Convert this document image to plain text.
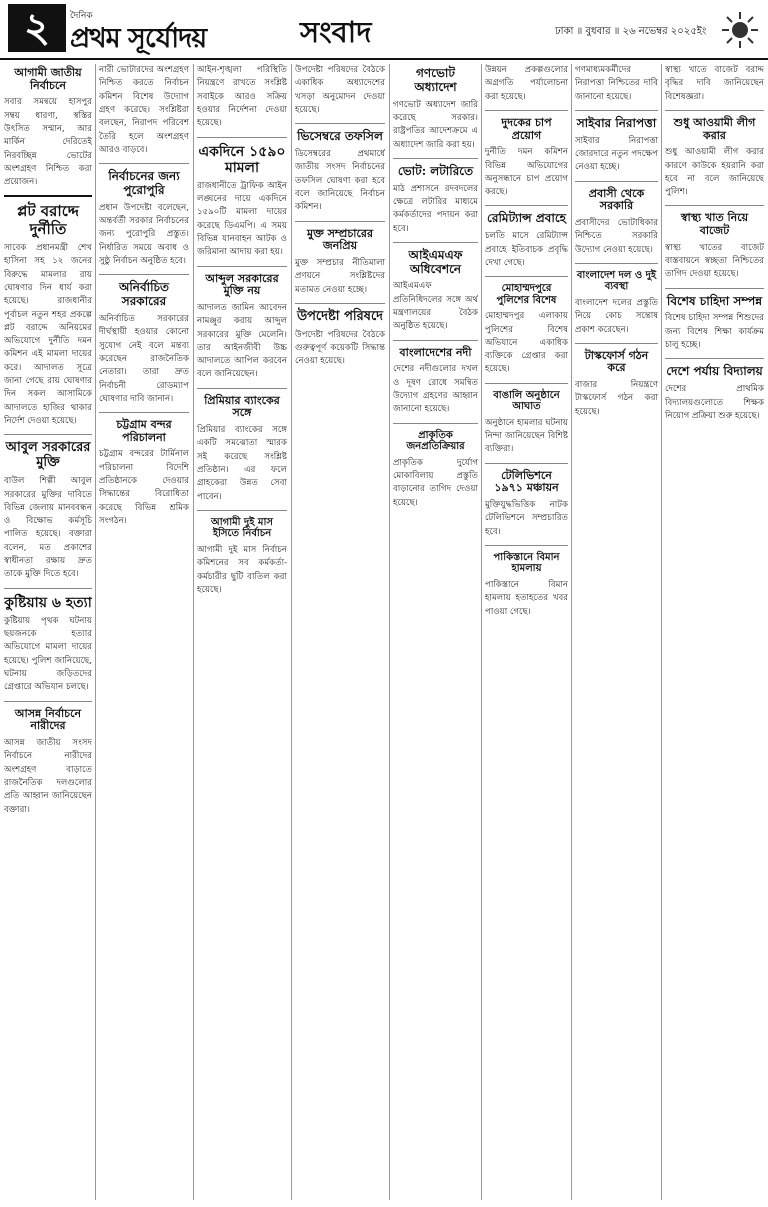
২	দৈনিক
প্রথম সূর্যোদয়	সংবাদ	ঢাকা ॥ বুধবার ॥ ২৬ নভেম্বর ২০২৫ইং
আগামী জাতীয় নির্বাচনে

সবার সমন্বয়ে হাসপুর সম্বয় ধারণা, স্বস্তির উৎসিত সম্মান, আর মার্কিন দেরিতেই নিরবচ্ছিন্ন ভোটের অংশগ্রহণ নিশ্চিত করা প্রয়োজন।

প্লট বরাদ্দে দুর্নীতি

সাবেক প্রধানমন্ত্রী শেখ হাসিনা সহ ১২ জনের বিরুদ্ধে মামলার রায় ঘোষণার দিন ধার্য করা হয়েছে। রাজধানীর পূর্বাচল নতুন শহর প্রকল্পে প্লট বরাদ্দে অনিয়মের অভিযোগে দুর্নীতি দমন কমিশন এই মামলা দায়ের করে। আদালত সূত্রে জানা গেছে রায় ঘোষণার দিন সকল আসামিকে আদালতে হাজির থাকার নির্দেশ দেওয়া হয়েছে।

আবুল সরকারের মুক্তি

বাউল শিল্পী আবুল সরকারের মুক্তির দাবিতে বিভিন্ন জেলায় মানববন্ধন ও বিক্ষোভ কর্মসূচি পালিত হয়েছে। বক্তারা বলেন, মত প্রকাশের স্বাধীনতা রক্ষায় দ্রুত তাকে মুক্তি দিতে হবে।

কুষ্টিয়ায় ৬ হত্যা

কুষ্টিয়ায় পৃথক ঘটনায় ছয়জনকে হত্যার অভিযোগে মামলা দায়ের হয়েছে। পুলিশ জানিয়েছে, ঘটনায় জড়িতদের গ্রেপ্তারে অভিযান চলছে।

আসন্ন নির্বাচনে নারীদের

আসন্ন জাতীয় সংসদ নির্বাচনে নারীদের অংশগ্রহণ বাড়াতে রাজনৈতিক দলগুলোর প্রতি আহ্বান জানিয়েছেন বক্তারা।

নারী ভোটারদের অংশগ্রহণ নিশ্চিত করতে নির্বাচন কমিশন বিশেষ উদ্যোগ গ্রহণ করেছে। সংশ্লিষ্টরা বলছেন, নিরাপদ পরিবেশ তৈরি হলে অংশগ্রহণ আরও বাড়বে।

নির্বাচনের জন্য পুরোপুরি

প্রধান উপদেষ্টা বলেছেন, অন্তর্বর্তী সরকার নির্বাচনের জন্য পুরোপুরি প্রস্তুত। নির্ধারিত সময়ে অবাধ ও সুষ্ঠু নির্বাচন অনুষ্ঠিত হবে।

অনির্বাচিত সরকারের

অনির্বাচিত সরকারের দীর্ঘস্থায়ী হওয়ার কোনো সুযোগ নেই বলে মন্তব্য করেছেন রাজনৈতিক নেতারা। তারা দ্রুত নির্বাচনী রোডম্যাপ ঘোষণার দাবি জানান।

চট্টগ্রাম বন্দর পরিচালনা

চট্টগ্রাম বন্দরের টার্মিনাল পরিচালনা বিদেশি প্রতিষ্ঠানকে দেওয়ার সিদ্ধান্তের বিরোধিতা করেছে বিভিন্ন শ্রমিক সংগঠন।

আইন-শৃঙ্খলা পরিস্থিতি নিয়ন্ত্রণে রাখতে সংশ্লিষ্ট সবাইকে আরও সক্রিয় হওয়ার নির্দেশনা দেওয়া হয়েছে।

একদিনে ১৫৯০ মামলা

রাজধানীতে ট্রাফিক আইন লঙ্ঘনের দায়ে একদিনে ১৫৯০টি মামলা দায়ের করেছে ডিএমপি। এ সময় বিভিন্ন যানবাহন আটক ও জরিমানা আদায় করা হয়।

আব্দুল সরকারের মুক্তি নয়

আদালত জামিন আবেদন নামঞ্জুর করায় আব্দুল সরকারের মুক্তি মেলেনি। তার আইনজীবী উচ্চ আদালতে আপিল করবেন বলে জানিয়েছেন।

প্রিমিয়ার ব্যাংকের সঙ্গে

প্রিমিয়ার ব্যাংকের সঙ্গে একটি সমঝোতা স্মারক সই করেছে সংশ্লিষ্ট প্রতিষ্ঠান। এর ফলে গ্রাহকেরা উন্নত সেবা পাবেন।

আগামী দুই মাস ইসিতে নির্বাচন

আগামী দুই মাস নির্বাচন কমিশনের সব কর্মকর্তা-কর্মচারীর ছুটি বাতিল করা হয়েছে।

উপদেষ্টা পরিষদের বৈঠকে একাধিক অধ্যাদেশের খসড়া অনুমোদন দেওয়া হয়েছে।

ভিসেম্বরে তফসিল

ডিসেম্বরের প্রথমার্ধে জাতীয় সংসদ নির্বাচনের তফসিল ঘোষণা করা হবে বলে জানিয়েছে নির্বাচন কমিশন।

মুক্ত সম্প্রচারের জনপ্রিয়

মুক্ত সম্প্রচার নীতিমালা প্রণয়নে সংশ্লিষ্টদের মতামত নেওয়া হচ্ছে।

উপদেষ্টা পরিষদে

উপদেষ্টা পরিষদের বৈঠকে গুরুত্বপূর্ণ কয়েকটি সিদ্ধান্ত নেওয়া হয়েছে।

গণভোট অধ্যাদেশ

গণভোট অধ্যাদেশ জারি করেছে সরকার। রাষ্ট্রপতির আদেশক্রমে এ অধ্যাদেশ জারি করা হয়।

ভোট: লটারিতে

মাঠ প্রশাসনে রদবদলের ক্ষেত্রে লটারির মাধ্যমে কর্মকর্তাদের পদায়ন করা হবে।

আইএমএফ অধিবেশনে

আইএমএফ প্রতিনিধিদলের সঙ্গে অর্থ মন্ত্রণালয়ের বৈঠক অনুষ্ঠিত হয়েছে।

বাংলাদেশের নদী

দেশের নদীগুলোর দখল ও দূষণ রোধে সমন্বিত উদ্যোগ গ্রহণের আহ্বান জানানো হয়েছে।

প্রাকৃতিক জনপ্রতিক্রিয়ার

প্রাকৃতিক দুর্যোগ মোকাবিলায় প্রস্তুতি বাড়ানোর তাগিদ দেওয়া হয়েছে।

উন্নয়ন প্রকল্পগুলোর অগ্রগতি পর্যালোচনা করা হয়েছে।

দুদকের চাপ প্রয়োগ

দুর্নীতি দমন কমিশন বিভিন্ন অভিযোগের অনুসন্ধানে চাপ প্রয়োগ করছে।

রেমিট্যান্স প্রবাহে

চলতি মাসে রেমিট্যান্স প্রবাহে ইতিবাচক প্রবৃদ্ধি দেখা গেছে।

মোহাম্মদপুরে পুলিশের বিশেষ

মোহাম্মদপুর এলাকায় পুলিশের বিশেষ অভিযানে একাধিক ব্যক্তিকে গ্রেপ্তার করা হয়েছে।

বাঙালি অনুষ্ঠানে আঘাত

অনুষ্ঠানে হামলার ঘটনায় নিন্দা জানিয়েছেন বিশিষ্ট ব্যক্তিরা।

টেলিভিশনে ১৯৭১ মঞ্চায়ন

মুক্তিযুদ্ধভিত্তিক নাটক টেলিভিশনে সম্প্রচারিত হবে।

পাকিস্তানে বিমান হামলায়

পাকিস্তানে বিমান হামলায় হতাহতের খবর পাওয়া গেছে।

গণমাধ্যমকর্মীদের নিরাপত্তা নিশ্চিতের দাবি জানানো হয়েছে।

সাইবার নিরাপত্তা

সাইবার নিরাপত্তা জোরদারে নতুন পদক্ষেপ নেওয়া হচ্ছে।

প্রবাসী থেকে সরকারি

প্রবাসীদের ভোটাধিকার নিশ্চিতে সরকারি উদ্যোগ নেওয়া হয়েছে।

বাংলাদেশ দল ও দুই ব্যবস্থা

বাংলাদেশ দলের প্রস্তুতি নিয়ে কোচ সন্তোষ প্রকাশ করেছেন।

টাস্কফোর্স গঠন করে

বাজার নিয়ন্ত্রণে টাস্কফোর্স গঠন করা হয়েছে।

স্বাস্থ্য খাতে বাজেট বরাদ্দ বৃদ্ধির দাবি জানিয়েছেন বিশেষজ্ঞরা।

শুধু আওয়ামী লীগ করার

শুধু আওয়ামী লীগ করার কারণে কাউকে হয়রানি করা হবে না বলে জানিয়েছে পুলিশ।

স্বাস্থ্য খাত নিয়ে বাজেট

স্বাস্থ্য খাতের বাজেট বাস্তবায়নে স্বচ্ছতা নিশ্চিতের তাগিদ দেওয়া হয়েছে।

বিশেষ চাহিদা সম্পন্ন

বিশেষ চাহিদা সম্পন্ন শিশুদের জন্য বিশেষ শিক্ষা কার্যক্রম চালু হচ্ছে।

দেশে পর্যায় বিদ্যালয়

দেশের প্রাথমিক বিদ্যালয়গুলোতে শিক্ষক নিয়োগ প্রক্রিয়া শুরু হয়েছে।
